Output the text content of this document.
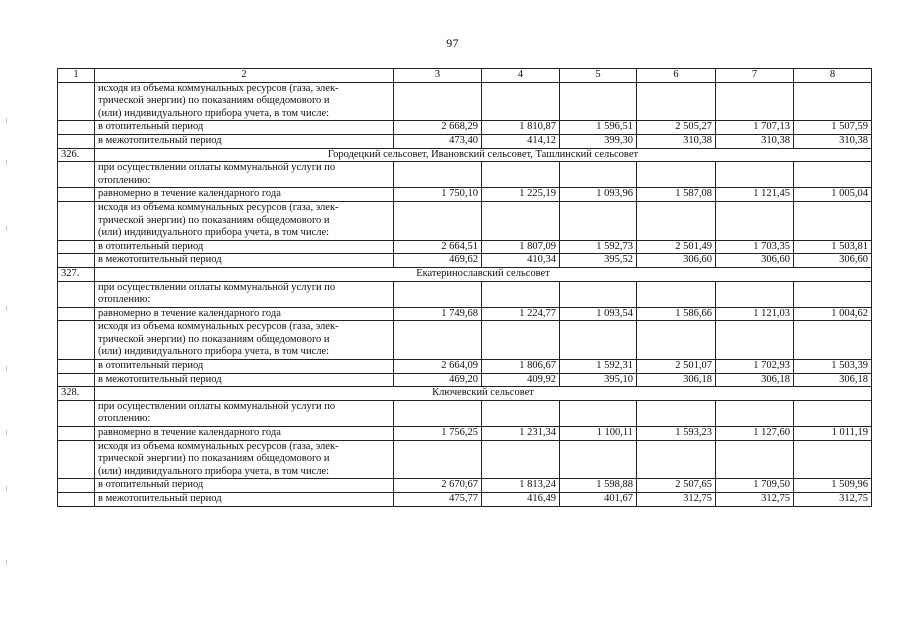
97
1	2	3	4	5	6	7	8
	исходя из объема коммунальных ресурсов (газа, элек-
трической энергии) по показаниям общедомового и
(или) индивидуального прибора учета, в том числе:						
	в отопительный период	2 668,29	1 810,87	1 596,51	2 505,27	1 707,13	1 507,59
	в межотопительный период	473,40	414,12	399,30	310,38	310,38	310,38
326.	Городецкий сельсовет, Ивановский сельсовет, Ташлинский сельсовет						
	при осуществлении оплаты коммунальной услуги по
отоплению:						
	равномерно в течение календарного года	1 750,10	1 225,19	1 093,96	1 587,08	1 121,45	1 005,04
	исходя из объема коммунальных ресурсов (газа, элек-
трической энергии) по показаниям общедомового и
(или) индивидуального прибора учета, в том числе:						
	в отопительный период	2 664,51	1 807,09	1 592,73	2 501,49	1 703,35	1 503,81
	в межотопительный период	469,62	410,34	395,52	306,60	306,60	306,60
327.	Екатеринославский сельсовет						
	при осуществлении оплаты коммунальной услуги по
отоплению:						
	равномерно в течение календарного года	1 749,68	1 224,77	1 093,54	1 586,66	1 121,03	1 004,62
	исходя из объема коммунальных ресурсов (газа, элек-
трической энергии) по показаниям общедомового и
(или) индивидуального прибора учета, в том числе:						
	в отопительный период	2 664,09	1 806,67	1 592,31	2 501,07	1 702,93	1 503,39
	в межотопительный период	469,20	409,92	395,10	306,18	306,18	306,18
328.	Ключевский сельсовет						
	при осуществлении оплаты коммунальной услуги по
отоплению:						
	равномерно в течение календарного года	1 756,25	1 231,34	1 100,11	1 593,23	1 127,60	1 011,19
	исходя из объема коммунальных ресурсов (газа, элек-
трической энергии) по показаниям общедомового и
(или) индивидуального прибора учета, в том числе:						
	в отопительный период	2 670,67	1 813,24	1 598,88	2 507,65	1 709,50	1 509,96
	в межотопительный период	475,77	416,49	401,67	312,75	312,75	312,75
